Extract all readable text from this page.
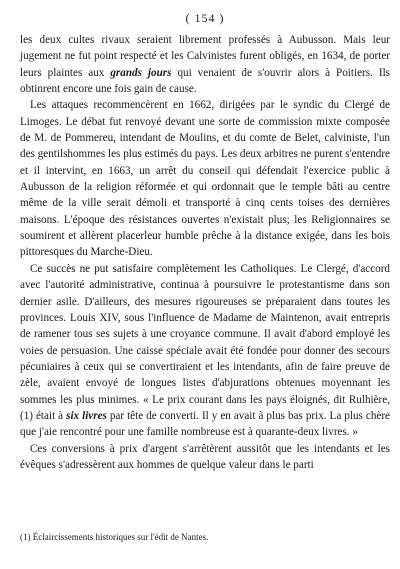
( 154 )

les deux cultes rivaux seraient librement professés à Aubusson. Mais leur jugement ne fut point respecté et les Calvinistes furent obligés, en 1634, de porter leurs plaintes aux grands jours qui venaient de s'ouvrir alors à Poitiers. Ils obtinrent encore une fois gain de cause.

Les attaques recommencèrent en 1662, dirigées par le syndic du Clergé de Limoges. Le débat fut renvoyé devant une sorte de commission mixte composée de M. de Pommereu, intendant de Moulins, et du comte de Belet, calviniste, l'un des gentilshommes les plus estimés du pays. Les deux arbitres ne purent s'entendre et il intervint, en 1663, un arrêt du conseil qui défendait l'exercice public à Aubusson de la religion réformée et qui ordonnait que le temple bâti au centre même de la ville serait démoli et transporté à cinq cents toises des dernières maisons. L'époque des résistances ouvertes n'existait plus; les Religionnaires se soumirent et allèrent placerleur humble prêche à la distance exigée, dans les bois pittoresques du Marche-Dieu.

Ce succès ne put satisfaire complètement les Catholiques. Le Clergé, d'accord avec l'autorité administrative, continua à poursuivre le protestantisme dans son dernier asile. D'ailleurs, des mesures rigoureuses se préparaient dans toutes les provinces. Louis XIV, sous l'influence de Madame de Maintenon, avait entrepris de ramener tous ses sujets à une croyance commune. Il avait d'abord employé les voies de persuasion. Une caisse spéciale avait été fondée pour donner des secours pécuniaires à ceux qui se convertiraient et les intendants, afin de faire preuve de zèle, avaient envoyé de longues listes d'abjurations obtenues moyennant les sommes les plus minimes. « Le prix courant dans les pays éloignés, dit Rulhière, (1) était à six livres par tête de converti. Il y en avait à plus bas prix. La plus chère que j'aie rencontré pour une famille nombreuse est à quarante-deux livres. »

Ces conversions à prix d'argent s'arrêtèrent aussitôt que les intendants et les évêques s'adressèrent aux hommes de quelque valeur dans le parti

(1) Éclaircissements historiques sur l'édit de Nantes.
